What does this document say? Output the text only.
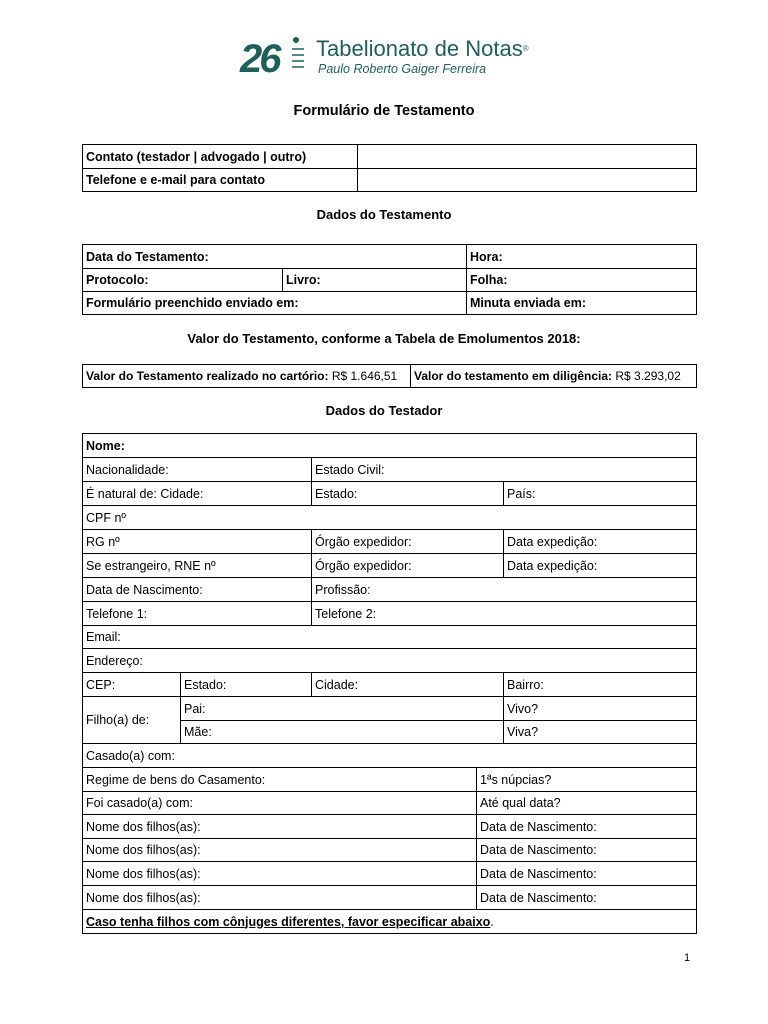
26 Tabelionato de Notas®
Paulo Roberto Gaiger Ferreira
Formulário de Testamento
Contato (testador | advogado | outro)	
Telefone e e-mail para contato	
Dados do Testamento
Data do Testamento:		Hora:
Protocolo:	Livro:	Folha:
Formulário preenchido enviado em:		Minuta enviada em:
Valor do Testamento, conforme a Tabela de Emolumentos 2018:
Valor do Testamento realizado no cartório: R$ 1.646,51	Valor do testamento em diligência: R$ 3.293,02
Dados do Testador
Nome:				
Nacionalidade:		Estado Civil:		
É natural de: Cidade:		Estado:		País:
CPF nº				
RG nº		Órgão expedidor:		Data expedição:
Se estrangeiro, RNE nº		Órgão expedidor:		Data expedição:
Data de Nascimento:		Profissão:		
Telefone 1:		Telefone 2:		
Email:				
Endereço:				
CEP:	Estado:	Cidade:		Bairro:
Filho(a) de:	Pai:			Vivo?
	Mãe:			Viva?
Casado(a) com:				
Regime de bens do Casamento:			1ªs núpcias?	
Foi casado(a) com:			Até qual data?	
Nome dos filhos(as):			Data de Nascimento:	
Nome dos filhos(as):			Data de Nascimento:	
Nome dos filhos(as):			Data de Nascimento:	
Nome dos filhos(as):			Data de Nascimento:	
Caso tenha filhos com cônjuges diferentes, favor especificar abaixo.				
1
